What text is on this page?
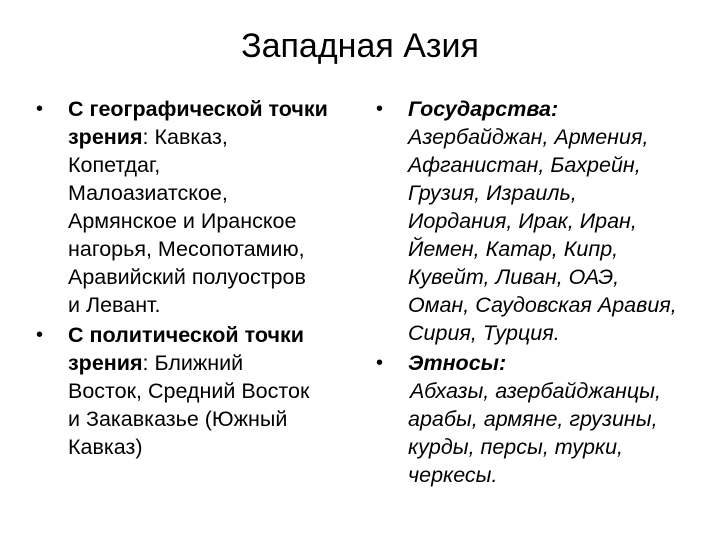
Западная Азия
• С географической точки
зрения: Кавказ,
Копетдаг,
Малоазиатское,
Армянское и Иранское
нагорья, Месопотамию,
Аравийский полуостров
и Левант.
• С политической точки
зрения: Ближний
Восток, Средний Восток
и Закавказье (Южный
Кавказ)
• Государства:
Азербайджан, Армения,
Афганистан, Бахрейн,
Грузия, Израиль,
Иордания, Ирак, Иран,
Йемен, Катар, Кипр,
Кувейт, Ливан, ОАЭ,
Оман, Саудовская Аравия,
Сирия, Турция.
• Этносы:
Абхазы, азербайджанцы,
арабы, армяне, грузины,
курды, персы, турки,
черкесы.
